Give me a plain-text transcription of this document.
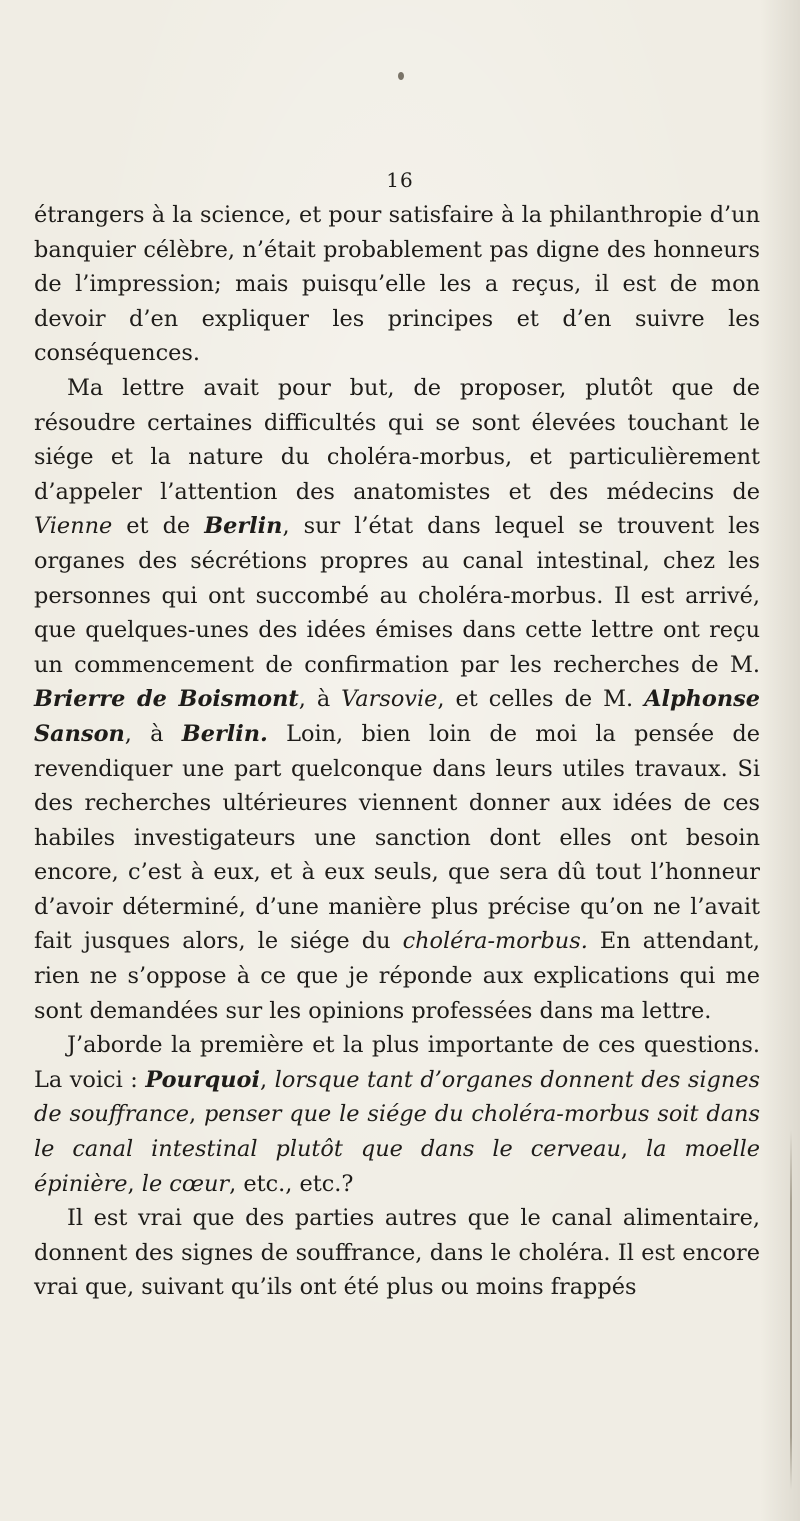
16

étrangers à la science, et pour satisfaire à la philanthropie d’un banquier célèbre, n’était probablement pas digne des honneurs de l’impression; mais puisqu’elle les a reçus, il est de mon devoir d’en expliquer les principes et d’en suivre les conséquences.

Ma lettre avait pour but, de proposer, plutôt que de résoudre certaines difficultés qui se sont élevées touchant le siége et la nature du choléra-morbus, et particulièrement d’appeler l’attention des anatomistes et des médecins de Vienne et de Berlin, sur l’état dans lequel se trouvent les organes des sécrétions propres au canal intestinal, chez les personnes qui ont succombé au choléra-morbus. Il est arrivé, que quelques-unes des idées émises dans cette lettre ont reçu un commencement de confirmation par les recherches de M. Brierre de Boismont, à Varsovie, et celles de M. Alphonse Sanson, à Berlin. Loin, bien loin de moi la pensée de revendiquer une part quelconque dans leurs utiles travaux. Si des recherches ultérieures viennent donner aux idées de ces habiles investigateurs une sanction dont elles ont besoin encore, c’est à eux, et à eux seuls, que sera dû tout l’honneur d’avoir déterminé, d’une manière plus précise qu’on ne l’avait fait jusques alors, le siége du choléra-morbus. En attendant, rien ne s’oppose à ce que je réponde aux explications qui me sont demandées sur les opinions professées dans ma lettre.

J’aborde la première et la plus importante de ces questions. La voici : Pourquoi, lorsque tant d’organes donnent des signes de souffrance, penser que le siége du choléra-morbus soit dans le canal intestinal plutôt que dans le cerveau, la moelle épinière, le cœur, etc., etc.?

Il est vrai que des parties autres que le canal alimentaire, donnent des signes de souffrance, dans le choléra. Il est encore vrai que, suivant qu’ils ont été plus ou moins frappés
